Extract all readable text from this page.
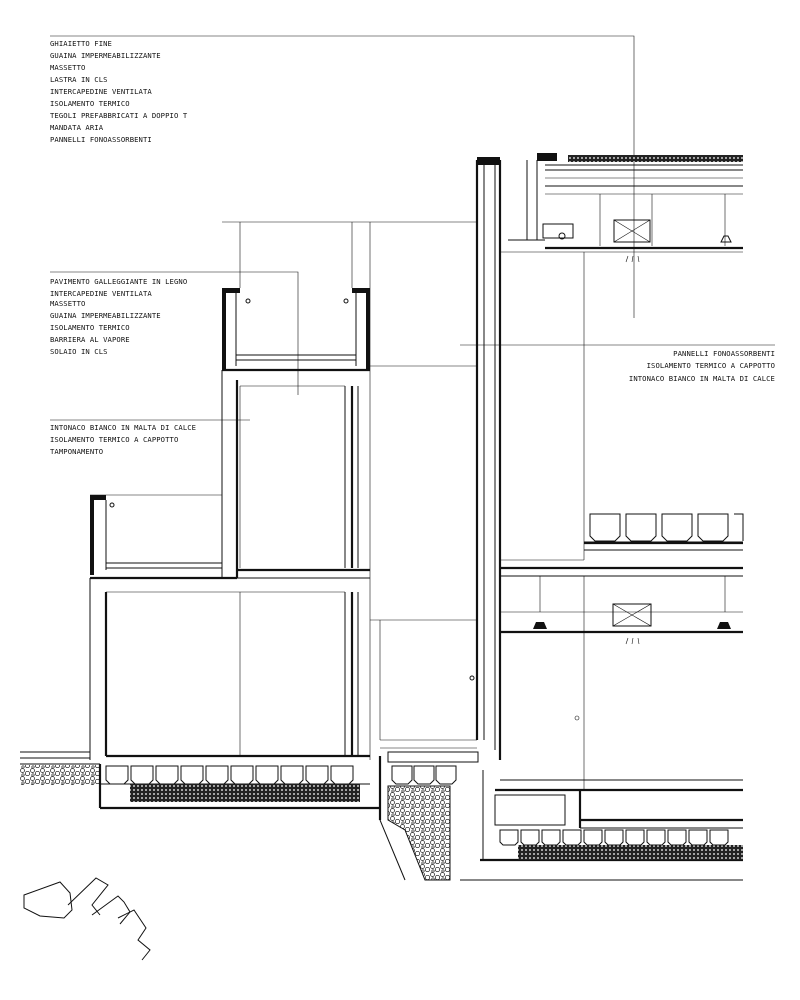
GHIAIETTO FINE
GUAINA IMPERMEABILIZZANTE
MASSETTO
LASTRA IN CLS
INTERCAPEDINE VENTILATA
ISOLAMENTO TERMICO
TEGOLI PREFABBRICATI A DOPPIO T
MANDATA ARIA
PANNELLI FONOASSORBENTI
PAVIMENTO GALLEGGIANTE IN LEGNO
INTERCAPEDINE VENTILATA
MASSETTO
GUAINA IMPERMEABILIZZANTE
ISOLAMENTO TERMICO
BARRIERA AL VAPORE
SOLAIO IN CLS
INTONACO BIANCO IN MALTA DI CALCE
ISOLAMENTO TERMICO A CAPPOTTO
TAMPONAMENTO
PANNELLI FONOASSORBENTI
ISOLAMENTO TERMICO A CAPPOTTO
INTONACO BIANCO IN MALTA DI CALCE
